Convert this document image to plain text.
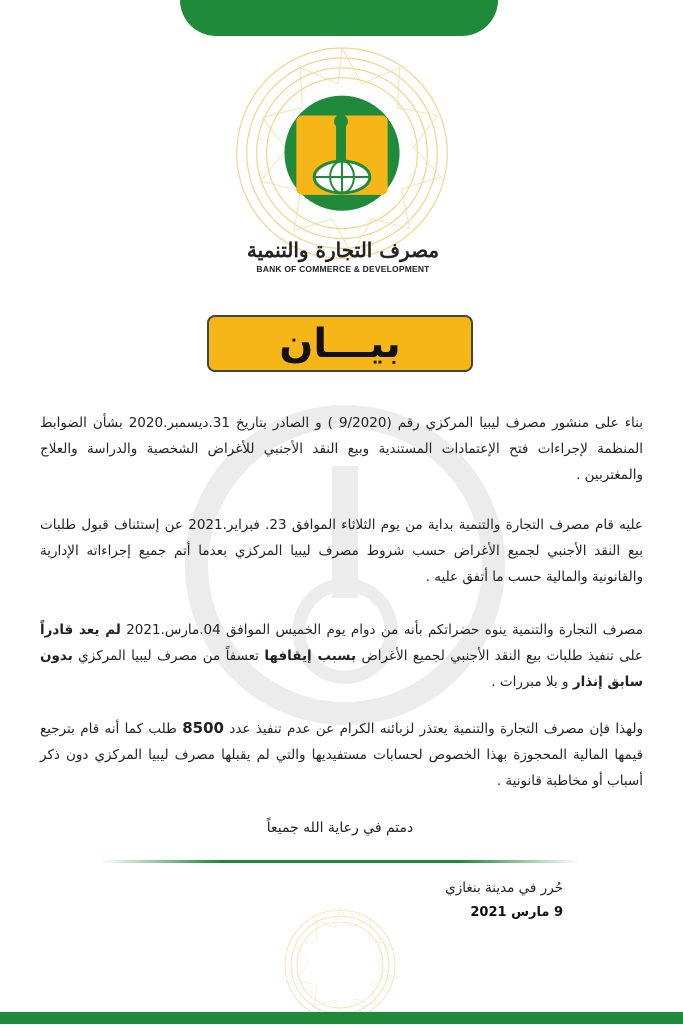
مصرف التجارة والتنمية
BANK OF COMMERCE & DEVELOPMENT
بيـــان
بناء على منشور مصرف ليبيا المركزي رقم (9/2020 ) و الصادر بتاريخ 31.ديسمبر.2020 بشأن الضوابط المنظمة لإجراءات فتح الإعتمادات المستندية وبيع النقد الأجنبي للأغراض الشخصية والدراسة والعلاج والمغتربين .
عليه قام مصرف التجارة والتنمية بداية من يوم الثلاثاء الموافق 23. فبراير.2021 عن إستئناف قبول طلبات بيع النقد الأجنبي لجميع الأغراض حسب شروط مصرف ليبيا المركزي بعدما أتم جميع إجراءاته الإدارية والقانونية والمالية حسب ما أتفق عليه .
مصرف التجارة والتنمية ينوه حضراتكم بأنه من دوام يوم الخميس الموافق 04.مارس.2021 لم يعد قادراً على تنفيذ طلبات بيع النقد الأجنبي لجميع الأغراض بسبب إيقافها تعسفاً من مصرف ليبيا المركزي بدون سابق إنذار و بلا مبررات .
ولهذا فإن مصرف التجارة والتنمية يعتذر لزبائنه الكرام عن عدم تنفيذ عدد 8500 طلب كما أنه قام بترجيع قيمها المالية المحجوزة بهذا الخصوص لحسابات مستفيديها والتي لم يقبلها مصرف ليبيا المركزي دون ذكر أسباب أو مخاطبة قانونية .
دمتم في رعاية الله جميعاً
حُرر في مدينة بنغازي
9 مارس 2021
